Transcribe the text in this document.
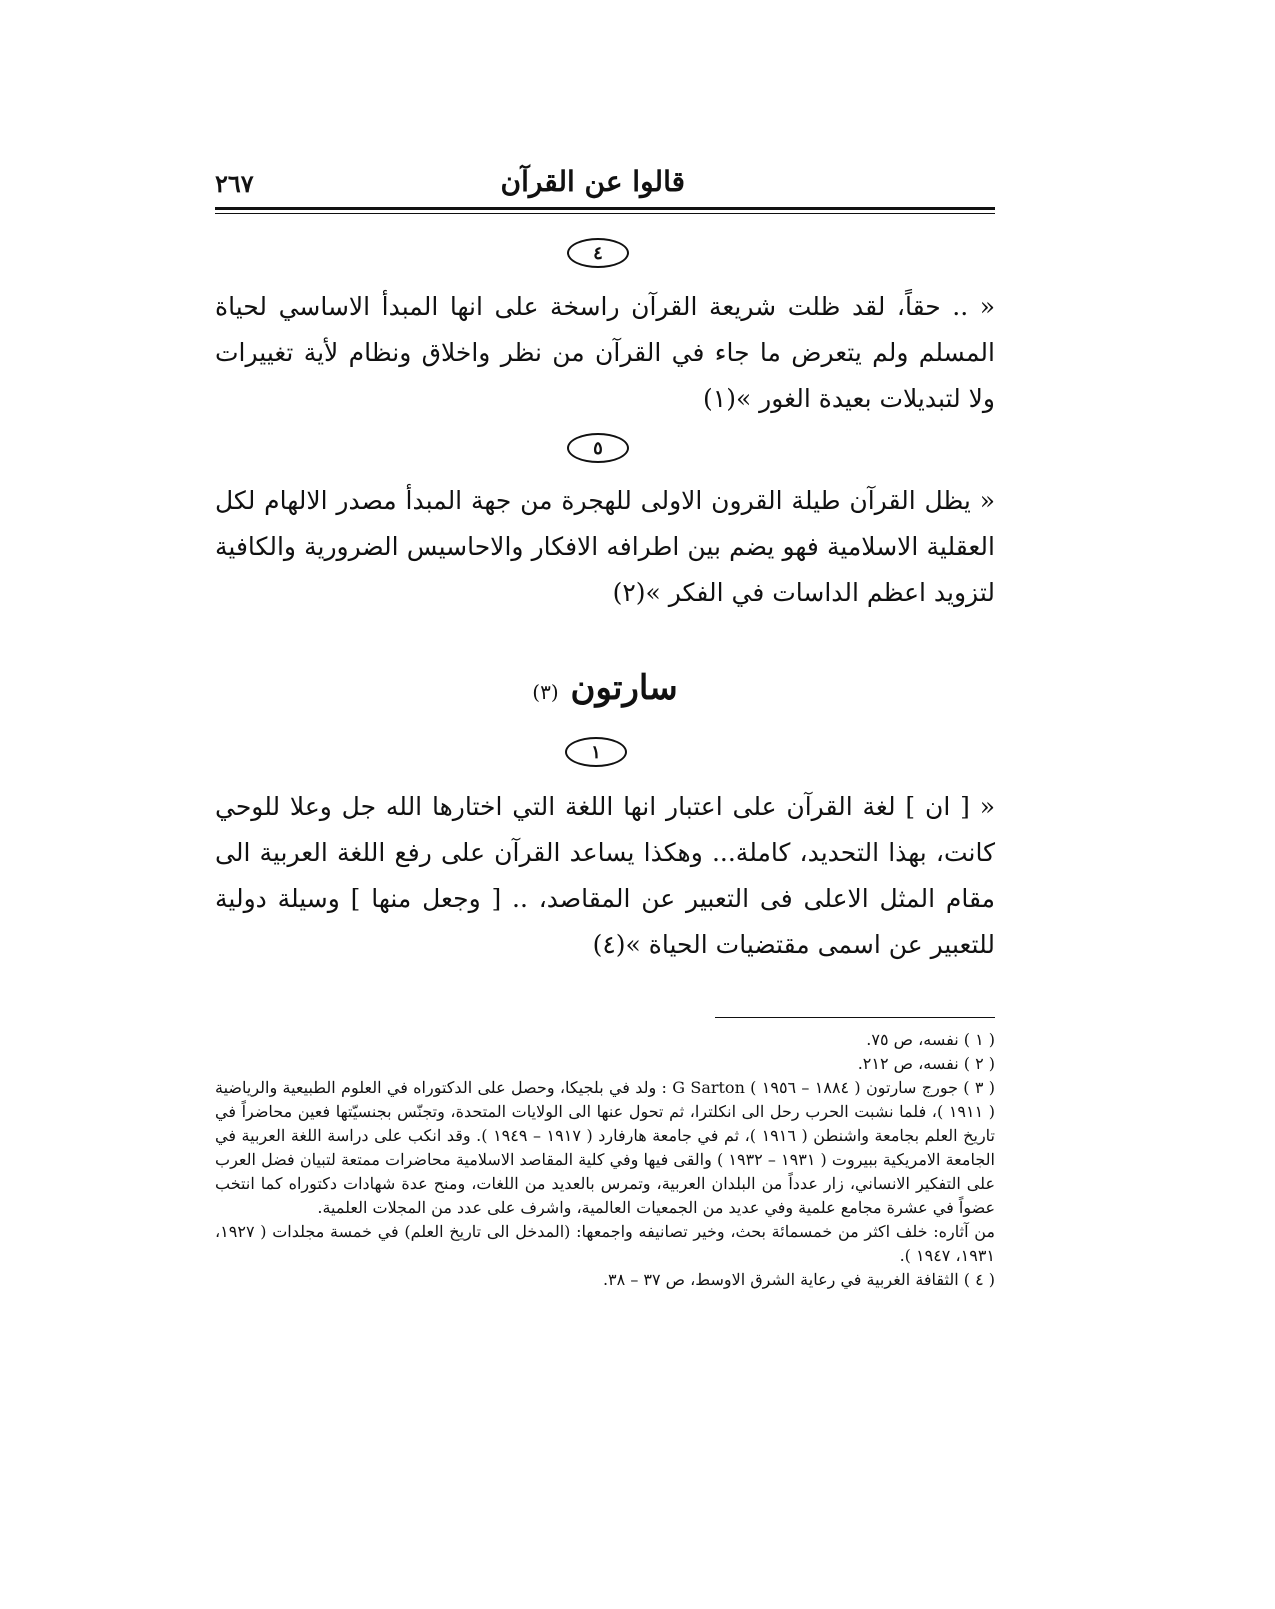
قالوا عن القرآن
٢٦٧
٤
« .. حقاً، لقد ظلت شريعة القرآن راسخة على انها المبدأ الاساسي لحياة المسلم ولم يتعرض ما جاء في القرآن من نظر واخلاق ونظام لأية تغييرات ولا لتبديلات بعيدة الغور »(١)
٥
« يظل القرآن طيلة القرون الاولى للهجرة من جهة المبدأ مصدر الالهام لكل العقلية الاسلامية فهو يضم بين اطرافه الافكار والاحاسيس الضرورية والكافية لتزويد اعظم الداسات في الفكر »(٢)
سارتون (٣)
١
« [ ان ] لغة القرآن على اعتبار انها اللغة التي اختارها الله جل وعلا للوحي كانت، بهذا التحديد، كاملة... وهكذا يساعد القرآن على رفع اللغة العربية الى مقام المثل الاعلى فى التعبير عن المقاصد، .. [ وجعل منها ] وسيلة دولية للتعبير عن اسمى مقتضيات الحياة »(٤)

( ١ ) نفسه، ص ٧٥.

( ٢ ) نفسه، ص ٢١٢.

( ٣ ) جورج سارتون ( ١٨٨٤ – ١٩٥٦ ) G Sarton : ولد في بلجيكا، وحصل على الدكتوراه في العلوم الطبيعية والرياضية ( ١٩١١ )، فلما نشبت الحرب رحل الى انكلترا، ثم تحول عنها الى الولايات المتحدة، وتجنّس بجنسيّتها فعين محاضراً في تاريخ العلم بجامعة واشنطن ( ١٩١٦ )، ثم في جامعة هارفارد ( ١٩١٧ – ١٩٤٩ ). وقد انكب على دراسة اللغة العربية في الجامعة الامريكية ببيروت ( ١٩٣١ – ١٩٣٢ ) والقى فيها وفي كلية المقاصد الاسلامية محاضرات ممتعة لتبيان فضل العرب على التفكير الانساني، زار عدداً من البلدان العربية، وتمرس بالعديد من اللغات، ومنح عدة شهادات دكتوراه كما انتخب عضواً في عشرة مجامع علمية وفي عديد من الجمعيات العالمية، واشرف على عدد من المجلات العلمية.

من آثاره: خلف اكثر من خمسمائة بحث، وخير تصانيفه واجمعها: (المدخل الى تاريخ العلم) في خمسة مجلدات ( ١٩٢٧، ١٩٣١، ١٩٤٧ ).

( ٤ ) الثقافة الغربية في رعاية الشرق الاوسط، ص ٣٧ – ٣٨.
